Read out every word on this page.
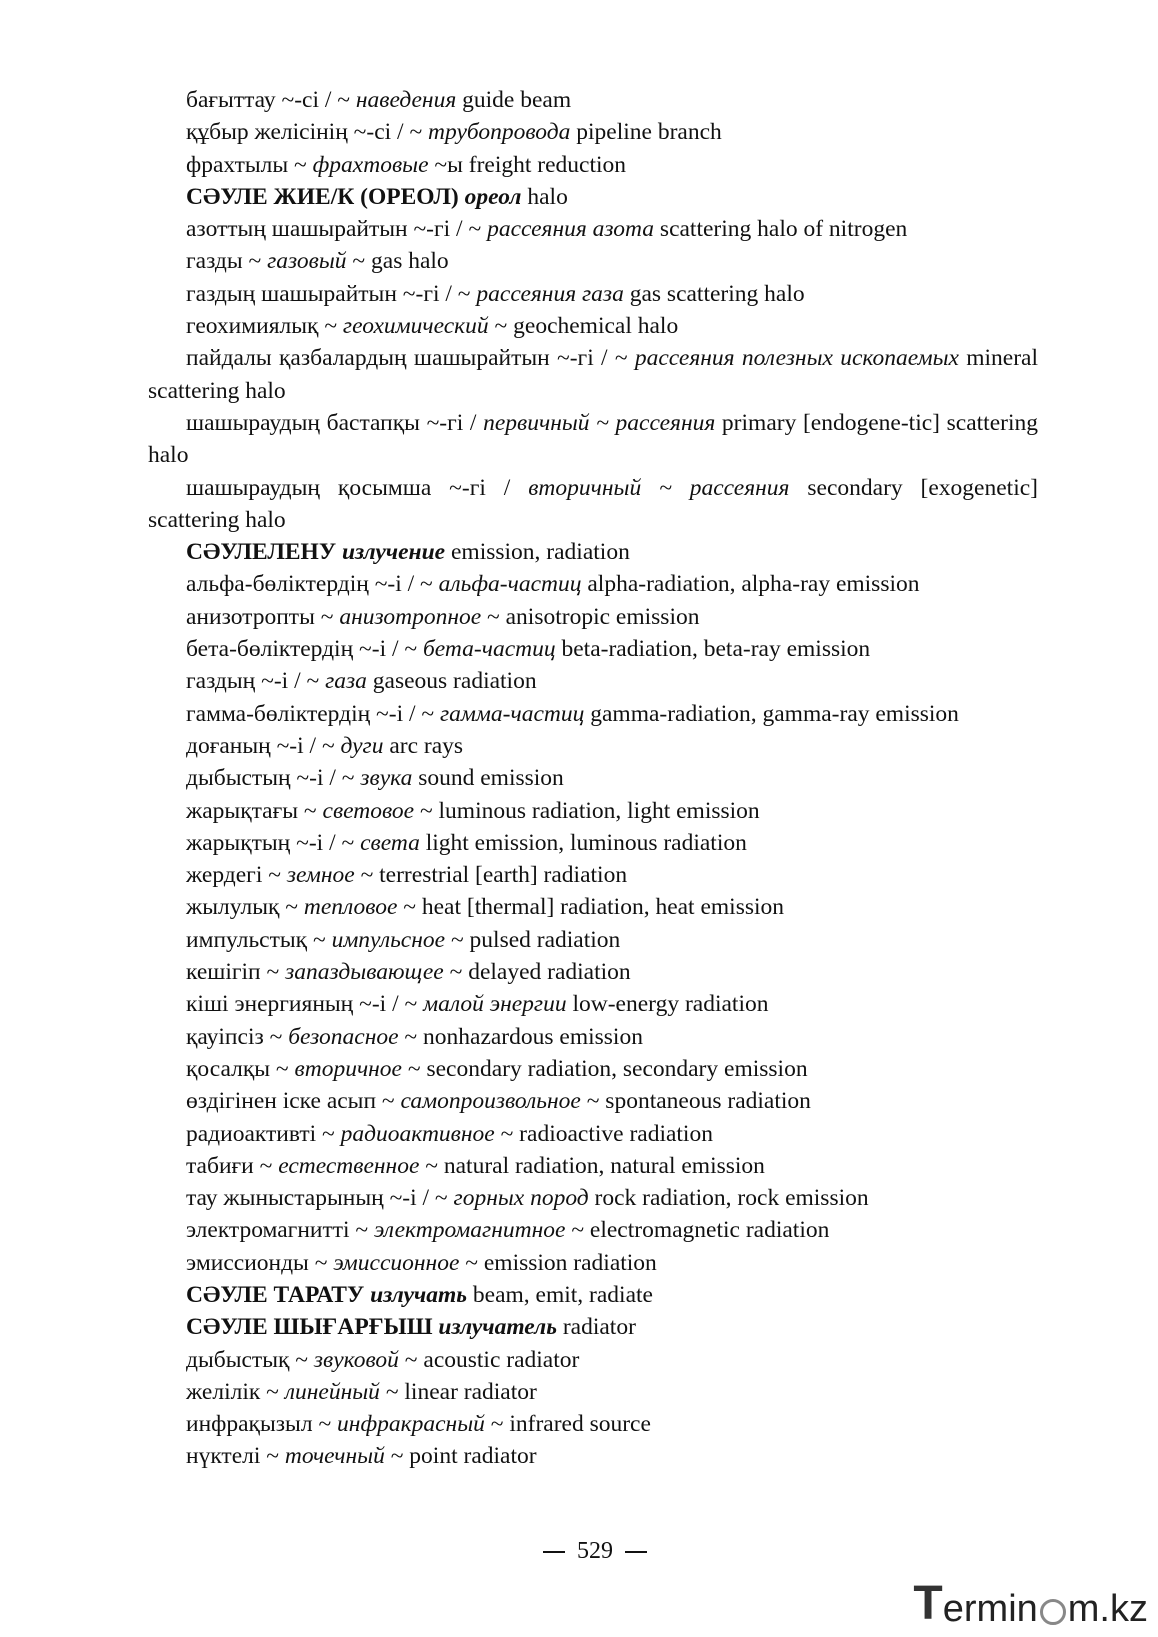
бағыттау ~-сі / ~ наведения guide beam

құбыр желісінің ~-сі / ~ трубопровода pipeline branch

фрахтылы ~ фрахтовые ~ы freight reduction

СӘУЛЕ ЖИЕ/К (ОРЕОЛ) ореол halo

азоттың шашырайтын ~-гі / ~ рассеяния азота scattering halo of nitrogen

газды ~ газовый ~ gas halo

газдың шашырайтын ~-гі / ~ рассеяния газа gas scattering halo

геохимиялық ~ геохимический ~ geochemical halo

пайдалы қазбалардың шашырайтын ~-гі / ~ рассеяния полезных ископаемых mineral scattering halo

шашыраудың бастапқы ~-гі / первичный ~ рассеяния primary [endogene-tic] scattering halo

шашыраудың қосымша ~-гі / вторичный ~ рассеяния secondary [exogenetic] scattering halo

СӘУЛЕЛЕНУ излучение emission, radiation

альфа-бөліктердің ~-і / ~ альфа-частиц alpha-radiation, alpha-ray emission

анизотропты ~ анизотропное ~ anisotropic emission

бета-бөліктердің ~-і / ~ бета-частиц beta-radiation, beta-ray emission

газдың ~-і / ~ газа gaseous radiation

гамма-бөліктердің ~-і / ~ гамма-частиц gamma-radiation, gamma-ray emission

доғаның ~-і / ~ дуги arc rays

дыбыстың ~-і / ~ звука sound emission

жарықтағы ~ световое ~ luminous radiation, light emission

жарықтың ~-і / ~ света light emission, luminous radiation

жердегі ~ земное ~ terrestrial [earth] radiation

жылулық ~ тепловое ~ heat [thermal] radiation, heat emission

импульстық ~ импульсное ~ pulsed radiation

кешігіп ~ запаздывающее ~ delayed radiation

кіші энергияның ~-і / ~ малой энергии low-energy radiation

қауіпсіз ~ безопасное ~ nonhazardous emission

қосалқы ~ вторичное ~ secondary radiation, secondary emission

өздігінен іске асып ~ самопроизвольное ~ spontaneous radiation

радиоактивті ~ радиоактивное ~ radioactive radiation

табиғи ~ естественное ~ natural radiation, natural emission

тау жыныстарының ~-і / ~ горных пород rock radiation, rock emission

электромагнитті ~ электромагнитное ~ electromagnetic radiation

эмиссионды ~ эмиссионное ~ emission radiation

СӘУЛЕ ТАРАТУ излучать beam, emit, radiate

СӘУЛЕ ШЫҒАРҒЫШ излучатель radiator

дыбыстық ~ звуковой ~ acoustic radiator

желілік ~ линейный ~ linear radiator

инфрақызыл ~ инфракрасный ~ infrared source

нүктелі ~ точечный ~ point radiator

529
T ermin m.kz
